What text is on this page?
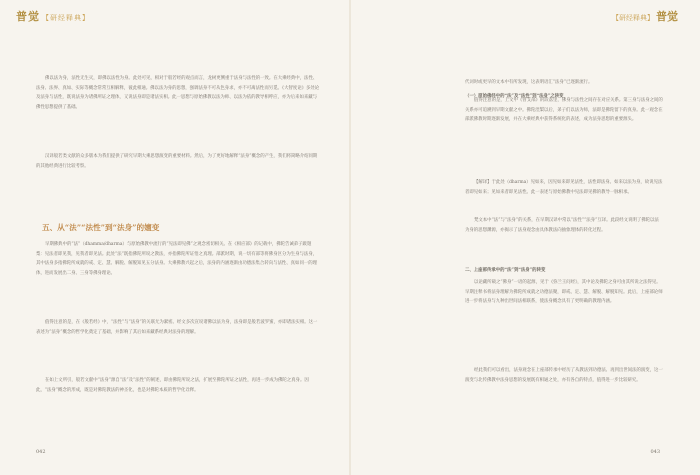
普觉 【研经释典】

佛以法为身，法性无生灭，即佛以法性为身。此处可见，相对于般若经的观点而言，龙树更侧重于法身与法性的一致。在大乘经典中，法性、法身、法界、真如、实际等概念常常互相解释，彼此相通。佛以法为身的思想，强调法身不可从色身求，亦不可离法性而另觅。《大智度论》多处论及法身与法性，既说法身为诸佛所证之理体，又说法身即是诸法实相。此一思想与原始佛教以法为师、以法为依的教导相呼应，亦为后来如来藏与佛性思想提供了基础。

汉译般若类文献的众多版本为我们提供了研究早期大乘思想演变的重要材料。然后，为了更好地解释“法身”概念的产生，我们将简略介绍同期的其他经典进行比较考察。

五、从“法”“法性”到“法身”的嬗变

早期佛典中的“法”（dhamma/dharma）与原始佛教中流行的“见法即见佛”之观念密切相关。在《相应部》的记载中，佛陀告诫弟子跋迦梨：见法者即见我，见我者即见法。此处“法”既指佛陀所说之教法，亦指佛陀所证悟之真理。部派时期，说一切有部等将佛身区分为生身与法身，其中法身多指佛陀所成就的戒、定、慧、解脱、解脱知见五分法身。大乘佛教兴起之后，法身的内涵逐渐由功德法集合转向与法性、真如同一的理体，进而发展出二身、三身等佛身理论。

值得注意的是，在《般若经》中，“法性”与“法身”的关联尤为紧密。经文多次宣说诸佛以法为身，法身即是般若波罗蜜，亦即诸法实相。这一表述为“法身”概念的哲学化奠定了基础，并影响了其后如来藏系经典对法身的理解。

在如上文所引，般若文献中“法身”源自“法”及“法性”的阐述，即由佛陀所说之法，扩展至佛陀所证之法性，再进一步成为佛陀之真身。因此，“法身”概念的形成，既是对佛陀教法的神圣化，也是对佛陀本质的哲学化诠释。

042
【研经释典】 普觉

代词时或更早的文本中有所发现，这表明语汇“法身”已逐渐流行。

（一）原始佛经中的“法”及“法性”到“法身”之转变

值得注意的是，上文中《曾支部》的段落里，佛身与法性之间存在对应关系。第三身与法身之间的关系亦可追溯到早期文献之中。佛陀涅槃以后，弟子们以法为师，法即是佛陀留下的真身。此一观念在部派佛教时期逐渐发展，并在大乘经典中获得系统化的表述，成为法身思想的重要源头。

【解译】于此处（dharma）见如来，因见如来即见法性，法性即法身。如来以法为身，故说见法者即见如来；见如来者即见法性。此一表述与原始佛教中见法即见佛的教导一脉相承。

梵文本中“法”与“法身”的关系，在早期汉译中常以“法性”“法身”互译。此段经文说明了佛陀以法为身的思想渊源，亦揭示了法身观念由具体教法向抽象理体的转化过程。

二、上座部传承中的“法”到“法身”的转变

以论藏所载之“佛身”一语的起源，见于《弥兰王问经》，其中论及佛陀之身可由其所说之法得见。早期注释书将法身理解为佛陀所成就之功德法聚，即戒、定、慧、解脱、解脱知见。此后，上座部论师进一步将法身与九种出世间法相联系，使法身概念具有了更明确的教理内涵。

经此我们可以看出，法身观念在上座部传承中经历了从教法到功德法、再到出世间法的演变，这一演变与北传佛教中法身思想的发展既有相通之处，亦有各自的特点，值得进一步比较研究。

043
